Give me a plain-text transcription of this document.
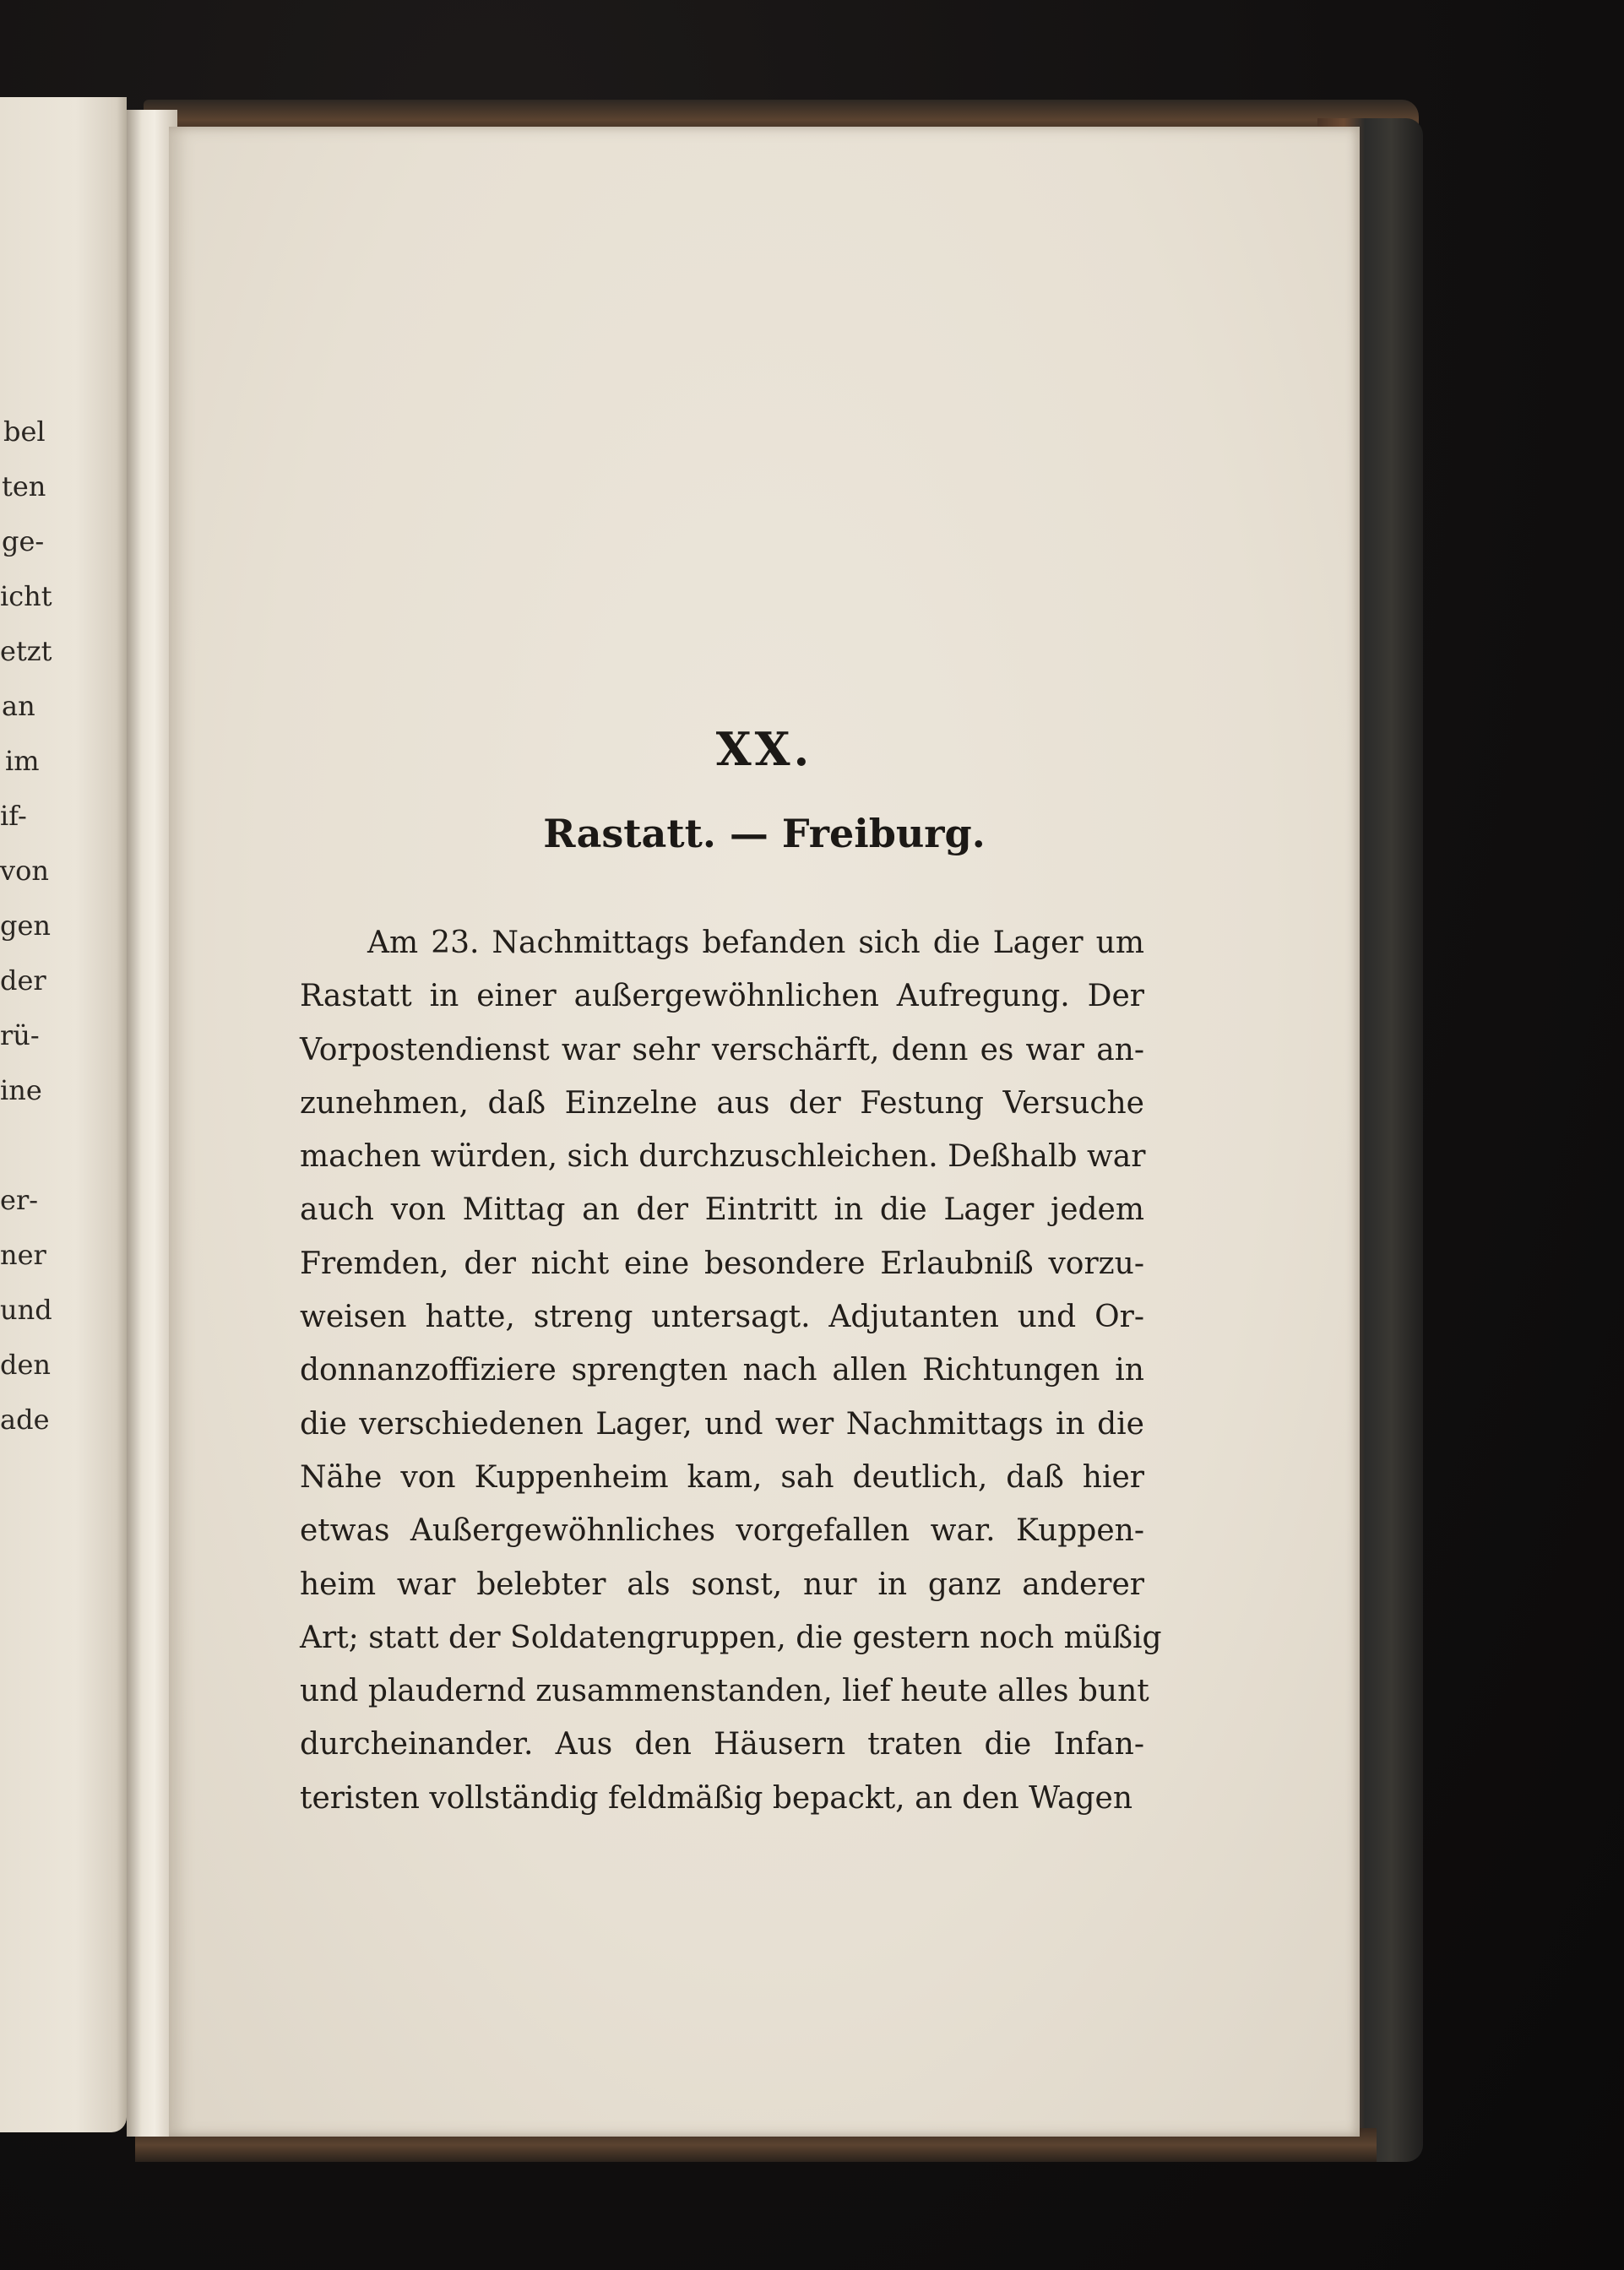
bel
ten
ge-
icht
etzt
an
im
if-
von
gen
der
rü-
ine
er-
ner
und
den
ade
XX.
Rastatt. — Freiburg.
Am 23. Nachmittags befanden sich die Lager um
Rastatt in einer außergewöhnlichen Aufregung. Der
Vorpostendienst war sehr verschärft, denn es war an-
zunehmen, daß Einzelne aus der Festung Versuche
machen würden, sich durchzuschleichen. Deßhalb war
auch von Mittag an der Eintritt in die Lager jedem
Fremden, der nicht eine besondere Erlaubniß vorzu-
weisen hatte, streng untersagt. Adjutanten und Or-
donnanzoffiziere sprengten nach allen Richtungen in
die verschiedenen Lager, und wer Nachmittags in die
Nähe von Kuppenheim kam, sah deutlich, daß hier
etwas Außergewöhnliches vorgefallen war. Kuppen-
heim war belebter als sonst, nur in ganz anderer
Art; statt der Soldatengruppen, die gestern noch müßig
und plaudernd zusammenstanden, lief heute alles bunt
durcheinander. Aus den Häusern traten die Infan-
teristen vollständig feldmäßig bepackt, an den Wagen
